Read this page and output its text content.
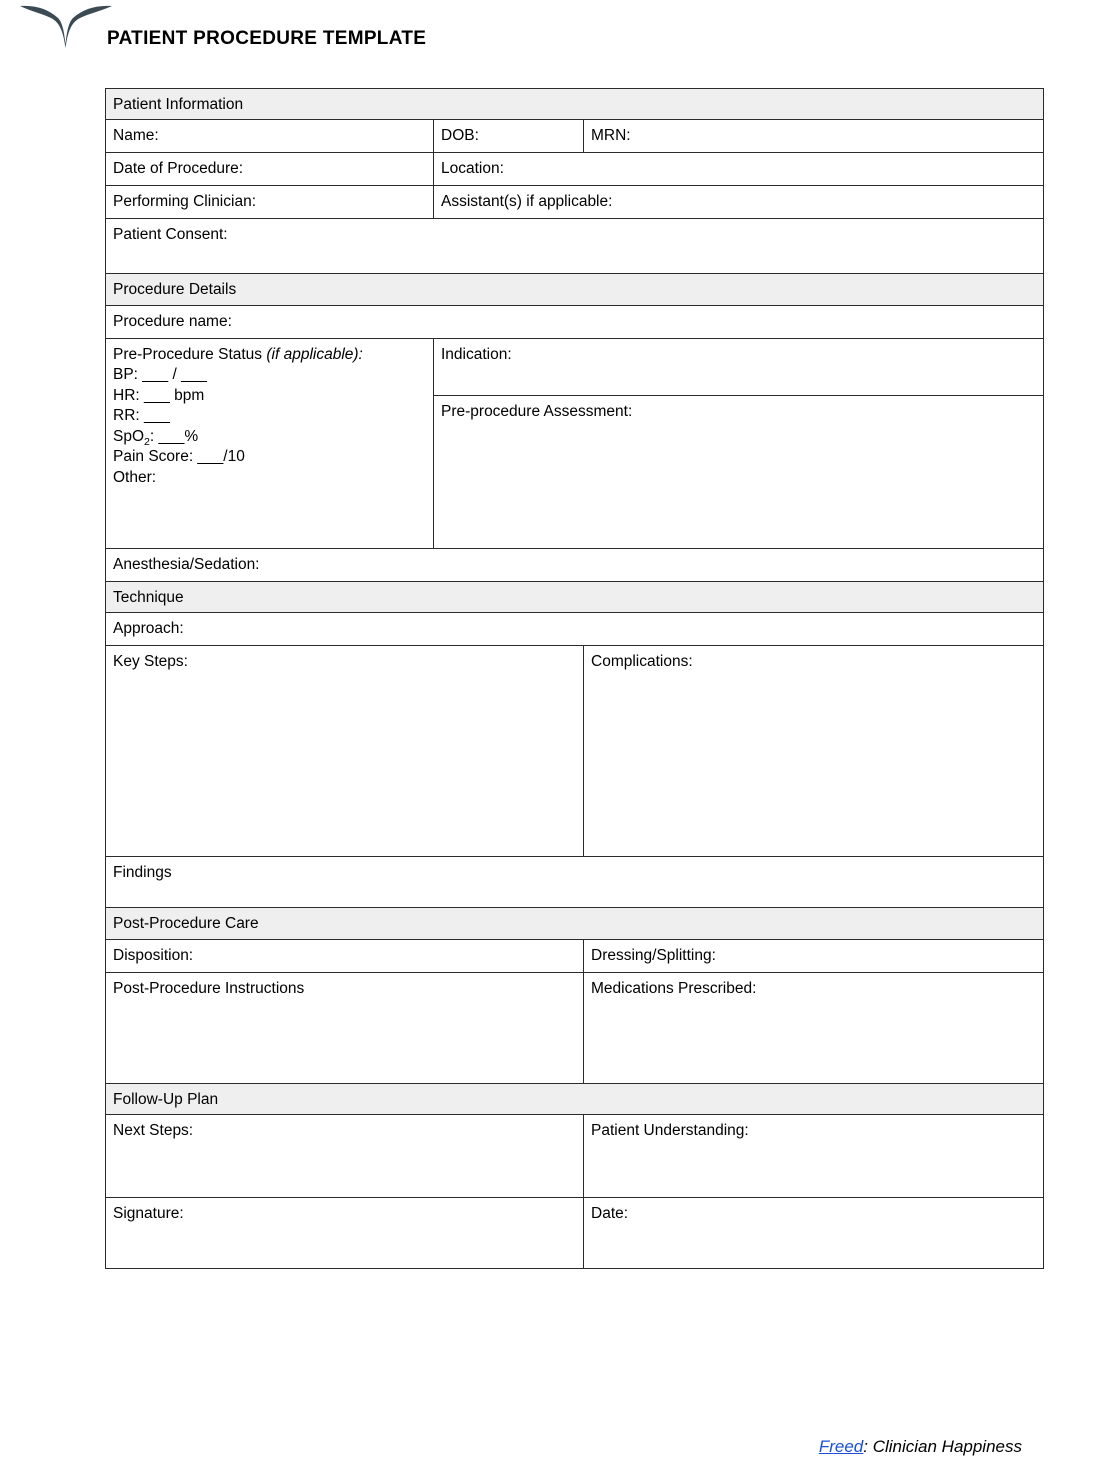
PATIENT PROCEDURE TEMPLATE
Patient Information		

Name:	DOB:	MRN:

Date of Procedure:	Location:	

Performing Clinician:	Assistant(s) if applicable:	

Patient Consent:		

Procedure Details		

Procedure name:		

Pre-Procedure Status (if applicable):
BP: ___ / ___
HR: ___ bpm
RR: ___
SpO$_2$: ___%
Pain Score: ___/10
Other:

Indication:

	Pre-procedure Assessment:	

Anesthesia/Sedation:		

Technique		

Approach:		

Key Steps:		Complications:

Findings		

Post-Procedure Care		

Disposition:		Dressing/Splitting:

Post-Procedure Instructions		Medications Prescribed:

Follow-Up Plan		

Next Steps:		Patient Understanding:

Signature:		Date:
Freed: Clinician Happiness
